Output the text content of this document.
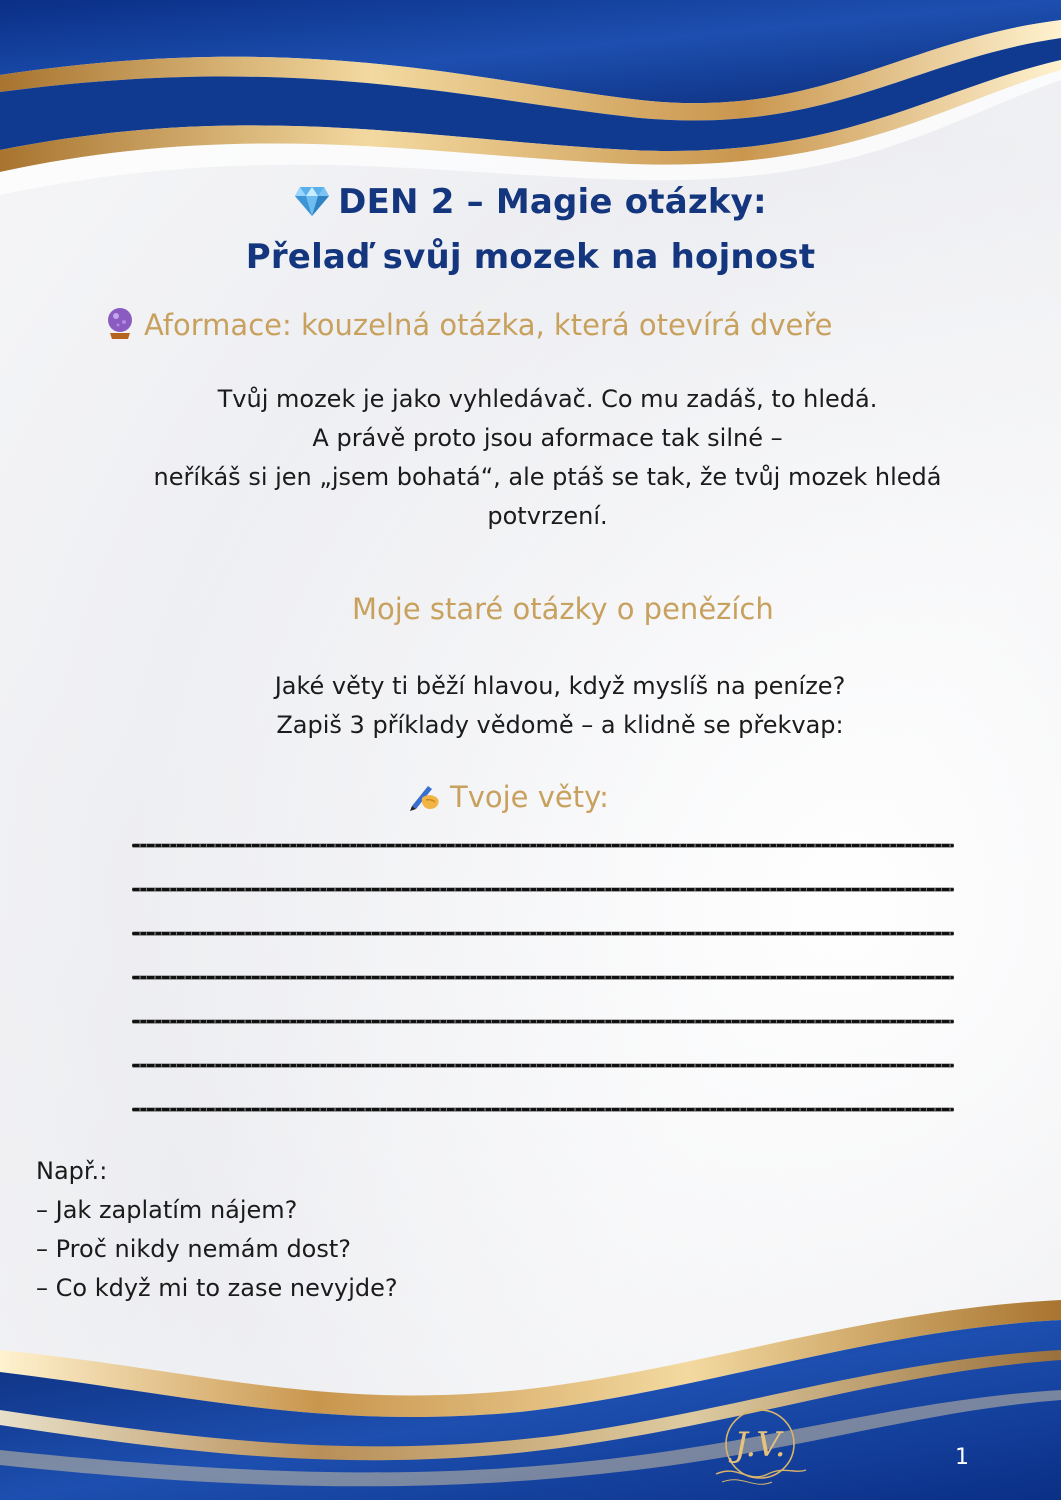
DEN 2 – Magie otázky:
Přelaď svůj mozek na hojnost
Aformace: kouzelná otázka, která otevírá dveře
Tvůj mozek je jako vyhledávač. Co mu zadáš, to hledá.
A právě proto jsou aformace tak silné –
neříkáš si jen „jsem bohatá“, ale ptáš se tak, že tvůj mozek hledá
potvrzení.
Moje staré otázky o penězích
Jaké věty ti běží hlavou, když myslíš na peníze?
Zapiš 3 příklady vědomě – a klidně se překvap:
Tvoje věty:
Např.:
– Jak zaplatím nájem?
– Proč nikdy nemám dost?
– Co když mi to zase nevyjde?
J.V.	1
